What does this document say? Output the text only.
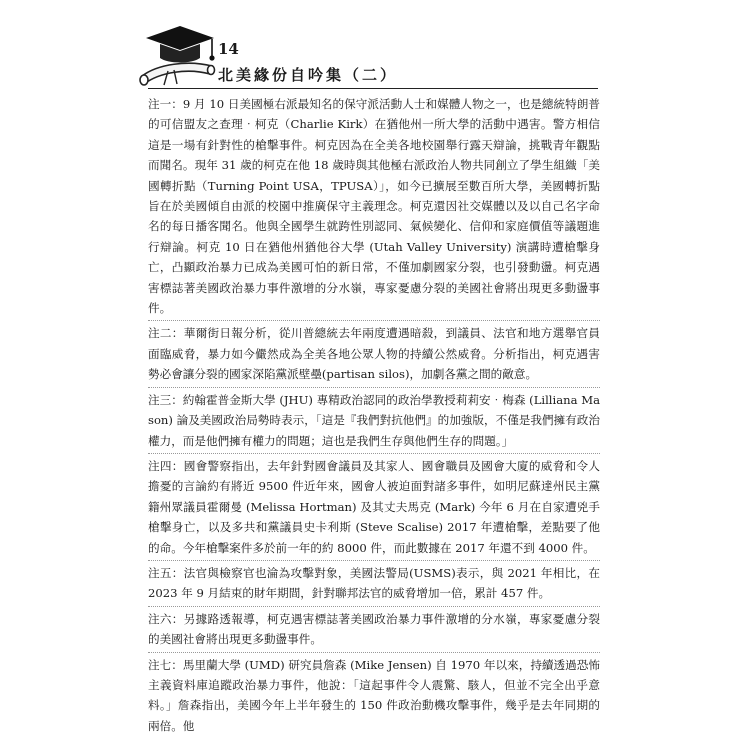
14
北美緣份自吟集（二）
注一：9 月 10 日美國極右派最知名的保守派活動人士和媒體人物之一，也是總統特朗普的可信盟友之查理‧柯克（Charlie Kirk）在猶他州一所大學的活動中遇害。警方相信這是一場有針對性的槍擊事件。柯克因為在全美各地校園舉行露天辯論，挑戰青年觀點而聞名。現年 31 歲的柯克在他 18 歲時與其他極右派政治人物共同創立了學生組織「美國轉折點（Turning Point USA，TPUSA）」，如今已擴展至數百所大學，美國轉折點旨在於美國傾自由派的校園中推廣保守主義理念。柯克還因社交媒體以及以自己名字命名的每日播客聞名。他與全國學生就跨性別認同、氣候變化、信仰和家庭價值等議題進行辯論。柯克 10 日在猶他州猶他谷大學 (Utah Valley University) 演講時遭槍擊身亡，凸顯政治暴力已成為美國可怕的新日常，不僅加劇國家分裂，也引發動盪。柯克遇害標誌著美國政治暴力事件激增的分水嶺，專家憂慮分裂的美國社會將出現更多動盪事件。
注二：華爾街日報分析，從川普總統去年兩度遭遇暗殺，到議員、法官和地方選舉官員面臨威脅，暴力如今儼然成為全美各地公眾人物的持續公然威脅。分析指出，柯克遇害勢必會讓分裂的國家深陷黨派壁壘(partisan silos)，加劇各黨之間的敵意。
注三：約翰霍普金斯大學 (JHU) 專精政治認同的政治學教授莉莉安‧梅森 (Lilliana Mason) 論及美國政治局勢時表示，「這是『我們對抗他們』的加強版，不僅是我們擁有政治權力，而是他們擁有權力的問題；這也是我們生存與他們生存的問題。」
注四：國會警察指出，去年針對國會議員及其家人、國會職員及國會大廈的威脅和令人擔憂的言論約有將近 9500 件近年來，國會人被迫面對諸多事件，如明尼蘇達州民主黨籍州眾議員霍爾曼 (Melissa Hortman) 及其丈夫馬克 (Mark) 今年 6 月在自家遭兇手槍擊身亡，以及多共和黨議員史卡利斯 (Steve Scalise) 2017 年遭槍擊，差點要了他的命。今年槍擊案件多於前一年的約 8000 件，而此數據在 2017 年還不到 4000 件。
注五：法官與檢察官也淪為攻擊對象，美國法警局(USMS)表示，與 2021 年相比，在 2023 年 9 月結束的財年期間，針對聯邦法官的威脅增加一倍，累計 457 件。
注六：另據路透報導，柯克遇害標誌著美國政治暴力事件激增的分水嶺，專家憂慮分裂的美國社會將出現更多動盪事件。
注七：馬里蘭大學 (UMD) 研究員詹森 (Mike Jensen) 自 1970 年以來，持續透過恐怖主義資料庫追蹤政治暴力事件，他說：「這起事件令人震驚、駭人，但並不完全出乎意料。」詹森指出，美國今年上半年發生的 150 件政治動機攻擊事件，幾乎是去年同期的兩倍。他
